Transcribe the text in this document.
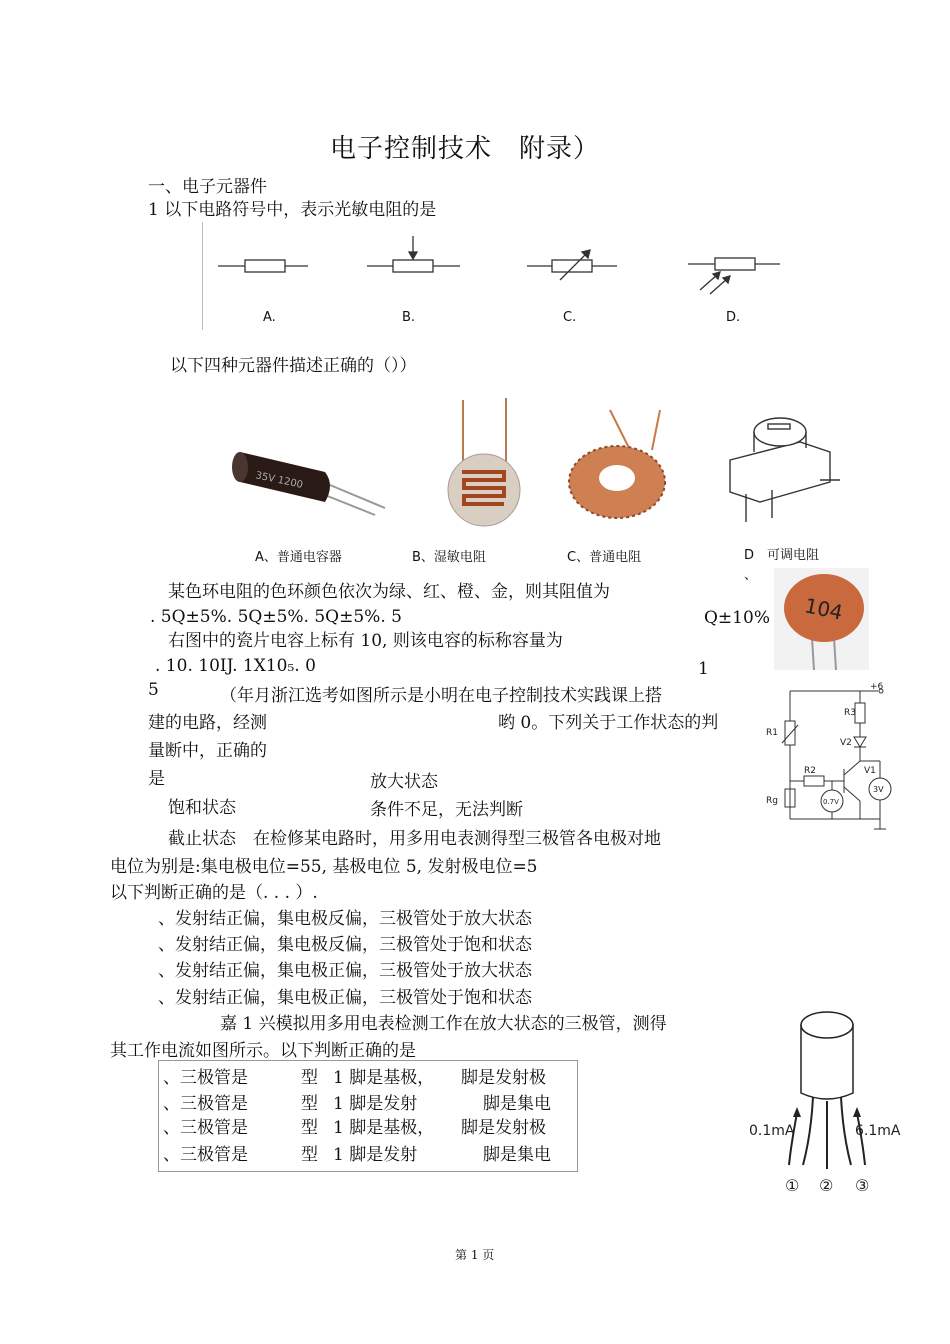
电子控制技术　附录）
一、电子元器件
1 以下电路符号中，表示光敏电阻的是
A.	B.	C.	D.
以下四种元器件描述正确的（））
35V 1200
A、普通电容器	B、湿敏电阻	C、普通电阻	D　可调电阻
、
某色环电阻的色环颜色依次为绿、红、橙、金，则其阻值为
. 5Q±5%. 5Q±5%. 5Q±5%. 5	Q±10% 104
右图中的瓷片电容上标有 10, 则该电容的标称容量为
. 10. 10IJ. 1X10₅. 0	1
5	（年月浙江选考如图所示是小明在电子控制技术实践课上搭
建的电路，经测	哟 0。下列关于工作状态的判
量断中，正确的
是	放大状态
饱和状态	条件不足，无法判断
+6
R1
R2
R3
Rg
V1
V2
0.7V
3V
截止状态　在检修某电路时，用多用电表测得型三极管各电极对地
电位为别是:集电极电位=55, 基极电位 5, 发射极电位=5
以下判断正确的是（. . . ）.
、发射结正偏，集电极反偏，三极管处于放大状态
、发射结正偏，集电极反偏，三极管处于饱和状态
、发射结正偏，集电极正偏，三极管处于放大状态
、发射结正偏，集电极正偏，三极管处于饱和状态
嘉 1 兴模拟用多用电表检测工作在放大状态的三极管，测得
其工作电流如图所示。以下判断正确的是
、三极管是	型 1 脚是基极， 脚是发射极
、三极管是	型 1 脚是发射	脚是集电
、三极管是	型 1 脚是基极， 脚是发射极
、三极管是	型 1 脚是发射	脚是集电
0.1mA	6.1mA
① ② ③
第 1 页
